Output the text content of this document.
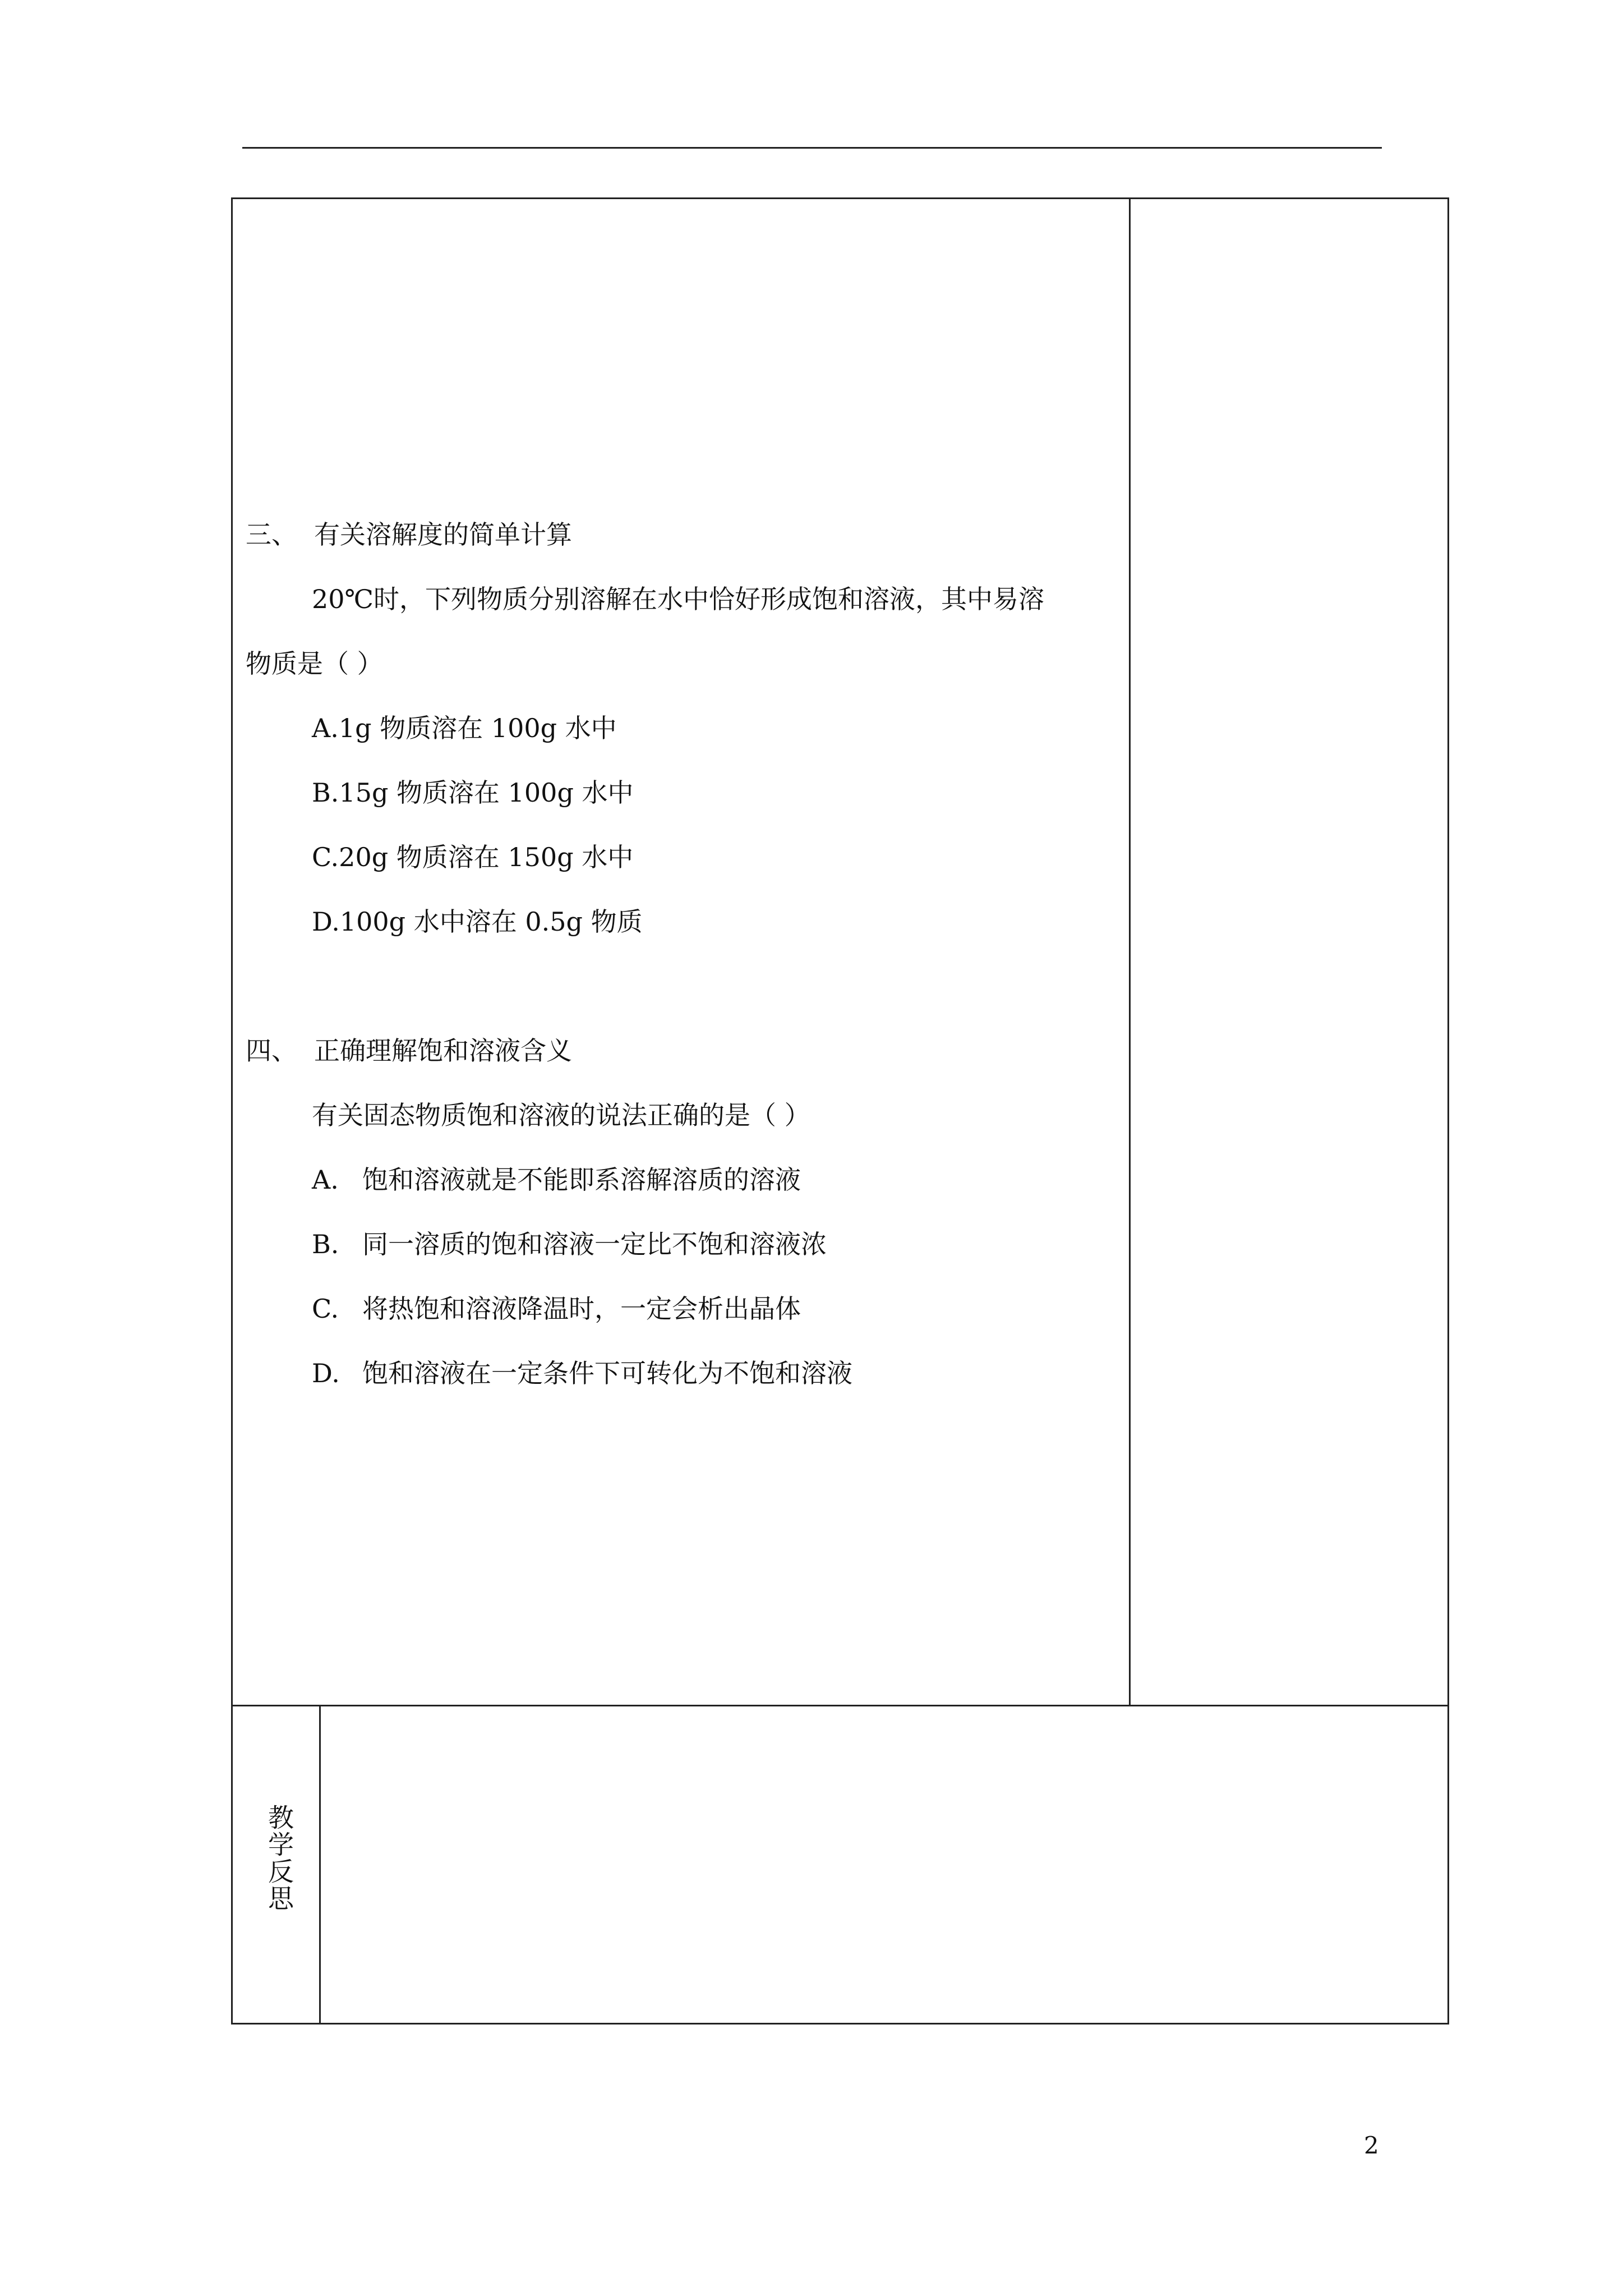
三、 有关溶解度的简单计算
20℃时，下列物质分别溶解在水中恰好形成饱和溶液，其中易溶
物质是（ ）
A.1g 物质溶在 100g 水中
B.15g 物质溶在 100g 水中
C.20g 物质溶在 150g 水中
D.100g 水中溶在 0.5g 物质
四、 正确理解饱和溶液含义
有关固态物质饱和溶液的说法正确的是（ ）
A. 饱和溶液就是不能即系溶解溶质的溶液
B. 同一溶质的饱和溶液一定比不饱和溶液浓
C. 将热饱和溶液降温时，一定会析出晶体
D. 饱和溶液在一定条件下可转化为不饱和溶液
教学反思
2
